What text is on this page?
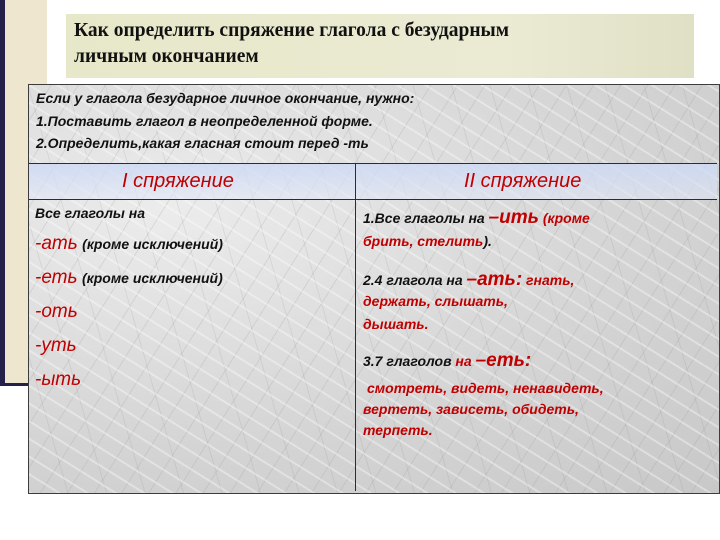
Как определить спряжение глагола с безударным
личным окончанием
Если у глагола безударное личное окончание, нужно:
1.Поставить глагол в неопределенной форме.
2.Определить,какая гласная стоит перед -ть
I спряжение	II спряжение
Все глаголы на
-ать (кроме исключений)
-еть (кроме исключений)
-оть
-уть
-ыть
1.Все глаголы на –ить (кроме
брить, стелить).
2.4 глагола на –ать: гнать,
держать, слышать,
дышать.
3.7 глаголов на –еть:
смотреть, видеть, ненавидеть,
вертеть, зависеть, обидеть,
терпеть.
